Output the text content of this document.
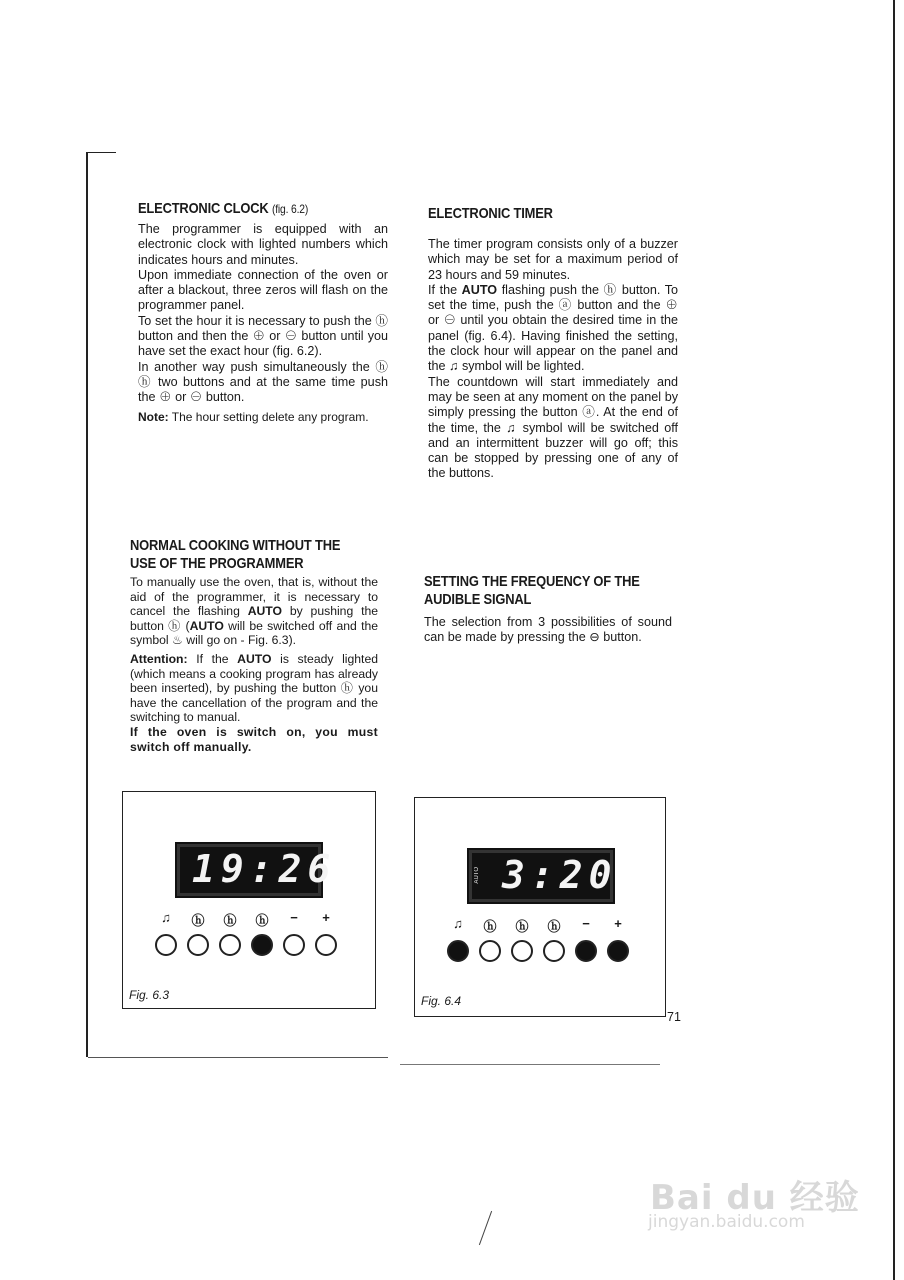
ELECTRONIC CLOCK (fig. 6.2)

The programmer is equipped with an electronic clock with lighted numbers which indicates hours and minutes.

Upon immediate connection of the oven or after a blackout, three zeros will flash on the programmer panel.

To set the hour it is necessary to push the ⓗ button and then the ⊕ or ⊖ button until you have set the exact hour (fig. 6.2).

In another way push simultaneously the ⓗ ⓗ two buttons and at the same time push the ⊕ or ⊖ button.

Note: The hour setting delete any program.

ELECTRONIC TIMER

The timer program consists only of a buzzer which may be set for a maximum period of 23 hours and 59 minutes.

If the AUTO flashing push the ⓗ button. To set the time, push the ⓐ button and the ⊕ or ⊖ until you obtain the desired time in the panel (fig. 6.4). Having finished the setting, the clock hour will appear on the panel and the ♫ symbol will be lighted.

The countdown will start immediately and may be seen at any moment on the panel by simply pressing the button ⓐ. At the end of the time, the ♫ symbol will be switched off and an intermittent buzzer will go off; this can be stopped by pressing one of any of the buttons.

NORMAL COOKING WITHOUT THE
USE OF THE PROGRAMMER

To manually use the oven, that is, without the aid of the programmer, it is necessary to cancel the flashing AUTO by pushing the button ⓗ (AUTO will be switched off and the symbol ♨ will go on - Fig. 6.3).

Attention: If the AUTO is steady lighted (which means a cooking program has already been inserted), by pushing the button ⓗ you have the cancellation of the program and the switching to manual.

If the oven is switch on, you must switch off manually.

SETTING THE FREQUENCY OF THE
AUDIBLE SIGNAL

The selection from 3 possibilities of sound can be made by pressing the ⊖ button.

19:26
♫	ⓗ	ⓗ	ⓗ	−	+
Fig. 6.3
AUTO 3:20
♫	ⓗ	ⓗ	ⓗ	−	+
Fig. 6.4
71
Bai du 经验
jingyan.baidu.com
